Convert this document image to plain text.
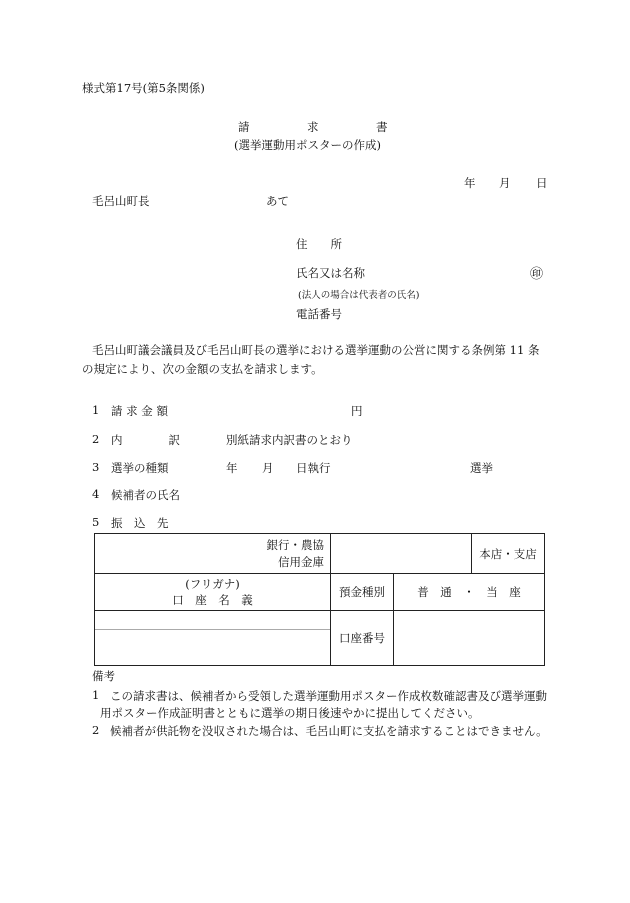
様式第17号(第5条関係)
請　　　　　求　　　　　書
(選挙運動用ポスターの作成)
年 月 日
毛呂山町長	あて
住　　所
氏名又は名称	㊞
(法人の場合は代表者の氏名)
電話番号
毛呂山町議会議員及び毛呂山町長の選挙における選挙運動の公営に関する条例第 11 条
の規定により、次の金額の支払を請求します。
1 請 求 金 額	円
2 内　　　　訳	別紙請求内訳書のとおり
3 選挙の種類	年 月 日執行	選挙
4 候補者の氏名
5 振　込　先
銀行・農協
信用金庫			本店・支店

(フリガナ)
口　座　名　義	預金種別	普　通　・　当　座	

	口座番号		
備考
1 この請求書は、候補者から受領した選挙運動用ポスター作成枚数確認書及び選挙運動
用ポスター作成証明書とともに選挙の期日後速やかに提出してください。
2 候補者が供託物を没収された場合は、毛呂山町に支払を請求することはできません。
